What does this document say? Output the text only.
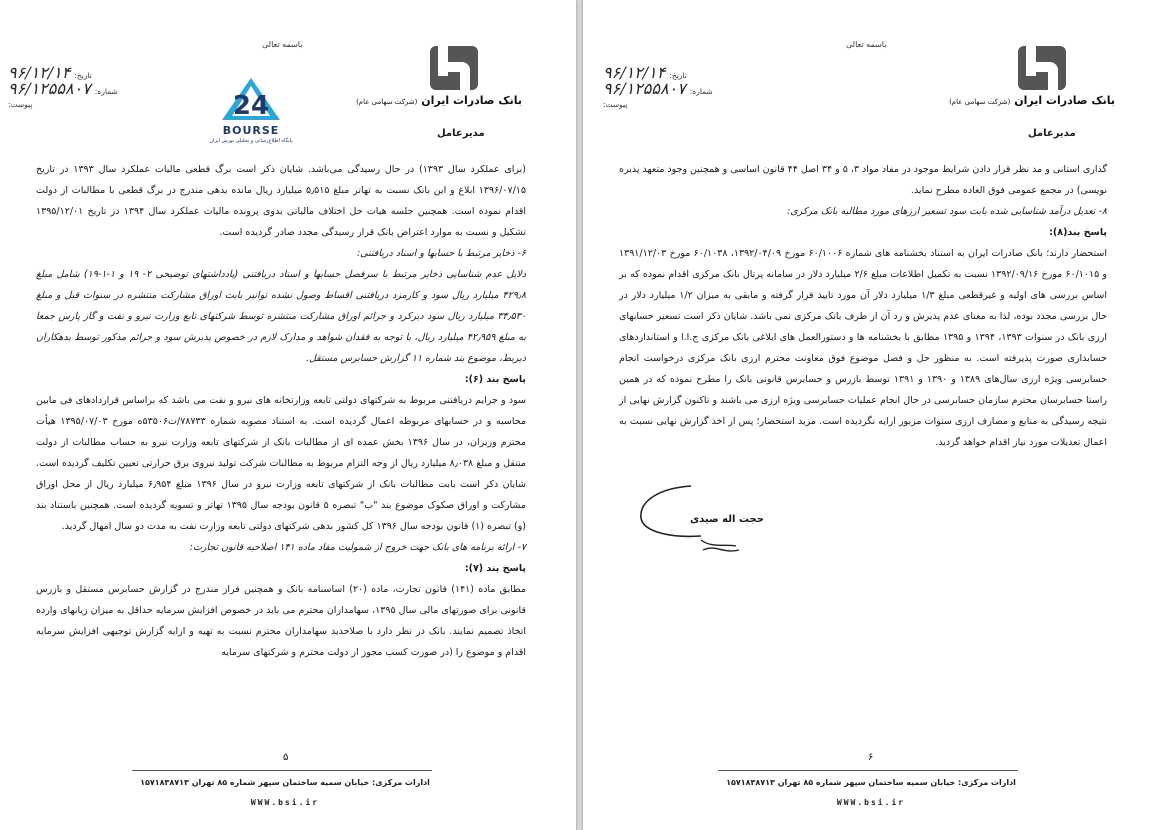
باسمه تعالی
تاریخ:
۹۶/۱۲/۱۴
شماره:
۹۶/۱۲۵۵۸۰۷
پیوست:	24
BOURSE
پایگاه اطلاع‌رسانی و تحلیلی بورس ایران
بانک صادرات ایران (شرکت سهامی عام)
مدیرعامل

(برای عملکرد سال ۱۳۹۳) در حال رسیدگی می‌باشد. شایان ذکر است برگ قطعی مالیات عملکرد سال ۱۳۹۳ در تاریخ ۱۳۹۶/۰۷/۱۵ ابلاغ و این بانک نسبت به تهاتر مبلغ ۵٫۵۱۵ میلیارد ریال مانده بدهی مندرج در برگ قطعی با مطالبات از دولت اقدام نموده است. همچنین جلسه هیات حل اختلاف مالیاتی بدوی پرونده مالیات عملکرد سال ۱۳۹۴ در تاریخ ۱۳۹۵/۱۲/۰۱ تشکیل و نسبت به موارد اعتراض بانک قرار رسیدگی مجدد صادر گردیده است.

۶- ذخایر مرتبط با حسابها و اسناد دریافتنی:

دلایل عدم شناسایی ذخایر مرتبط با سرفصل حسابها و اسناد دریافتنی (یادداشتهای توضیحی ۲- ۱۹ و ۱-۱-۱۹) شامل مبلغ ۴۲۹٫۸ میلیارد ریال سود و کارمزد دریافتنی اقساط وصول نشده توانیر بابت اوراق مشارکت منتشره در سنوات قبل و مبلغ ۳۴٫۵۳۰ میلیارد ریال سود دیرکرد و جرائم اوراق مشارکت منتشره توسط شرکتهای تابع وزارت نیرو و نفت و گاز پارس جمعا به مبلغ ۴۲٫۹۵۹ میلیارد ریال، با توجه به فقدان شواهد و مدارک لازم در خصوص پذیرش سود و جرائم مذکور توسط بدهکاران ذیربط، موضوع بند شماره ۱۱ گزارش حسابرس مستقل.

پاسخ بند (۶):

سود و جرایم دریافتنی مربوط به شرکتهای دولتی تابعه وزارتخانه های نیرو و نفت می باشد که براساس قراردادهای فی مابین محاسبه و در حسابهای مربوطه اعمال گردیده است. به استناد مصوبه شماره ۷۸۷۳۳/ت۵۳۵۰۶ه مورخ ۱۳۹۵/۰۷/۰۳ هیأت محترم وزیران، در سال ۱۳۹۶ بخش عمده ای از مطالبات بانک از شرکتهای تابعه وزارت نیرو به حساب مطالبات از دولت منتقل و مبلغ ۸٫۰۳۸ میلیارد ریال از وجه التزام مربوط به مطالبات شرکت تولید نیروی برق حرارتی تعیین تکلیف گردیده است. شایان ذکر است بابت مطالبات بانک از شرکتهای تابعه وزارت نیرو در سال ۱۳۹۶ مبلغ ۶٫۹۵۴ میلیارد ریال از محل اوراق مشارکت و اوراق صکوک موضوع بند "ب" تبصره ۵ قانون بودجه سال ۱۳۹۵ تهاتر و تسویه گردیده است. همچنین باستناد بند (و) تبصره (۱) قانون بودجه سال ۱۳۹۶ کل کشور بدهی شرکتهای دولتی تابعه وزارت نفت به مدت دو سال امهال گردید.

۷- ارائه برنامه های بانک جهت خروج از شمولیت مفاد ماده ۱۴۱ اصلاحیه قانون تجارت:

پاسخ بند (۷):

مطابق ماده (۱۴۱) قانون تجارت، ماده (۲۰) اساسنامه بانک و همچنین فراز مندرج در گزارش حسابرس مستقل و بازرس قانونی برای صورتهای مالی سال ۱۳۹۵، سهامداران محترم می باید در خصوص افزایش سرمایه حداقل به میزان زیانهای وارده اتخاذ تصمیم نمایند. بانک در نظر دارد با صلاحدید سهامداران محترم نسبت به تهیه و ارایه گزارش توجیهی افزایش سرمایه اقدام و موضوع را (در صورت کسب مجوز از دولت محترم و شرکتهای سرمایه

۵
ادارات مرکزی: خیابان سمیه ساختمان سپهر شماره ۸۵ تهران ۱۵۷۱۸۳۸۷۱۳
WWW.bsi.ir
باسمه تعالی
تاریخ:
۹۶/۱۲/۱۴
شماره:
۹۶/۱۲۵۵۸۰۷
پیوست:	بانک صادرات ایران (شرکت سهامی عام)
مدیرعامل

گذاری استانی و مد نظر قرار دادن شرایط موجود در مفاد مواد ۳، ۵ و ۳۴ اصل ۴۴ قانون اساسی و همچنین وجود متعهد پذیره نویسی) در مجمع عمومی فوق العاده مطرح نماید.

۸- تعدیل درآمد شناسایی شده بابت سود تسعیر ارزهای مورد مطالبه بانک مرکزی:

پاسخ بند(۸):

استحضار دارند؛ بانک صادرات ایران به استناد بخشنامه های شماره ۶۰/۱۰۰۶ مورخ ۱۳۹۲/۰۴/۰۹، ۶۰/۱۰۳۸ مورخ ۱۳۹۱/۱۲/۰۳ و ۶۰/۱۰۱۵ مورخ ۱۳۹۲/۰۹/۱۶ نسبت به تکمیل اطلاعات مبلغ ۲/۶ میلیارد دلار در سامانه پرتال بانک مرکزی اقدام نموده که بر اساس بررسی های اولیه و غیرقطعی مبلغ ۱/۳ میلیارد دلار آن مورد تایید قرار گرفته و مابقی به میزان ۱/۲ میلیارد دلار در حال بررسی مجدد بوده، لذا به معنای عدم پذیرش و رد آن از طرف بانک مرکزی نمی باشد. شایان ذکر است تسعیر حسابهای ارزی بانک در سنوات ۱۳۹۳، ۱۳۹۴ و ۱۳۹۵ مطابق با بخشنامه ها و دستورالعمل های ابلاغی بانک مرکزی ج.ا.ا و استانداردهای حسابداری صورت پذیرفته است. به منظور حل و فصل موضوع فوق معاونت محترم ارزی بانک مرکزی درخواست انجام حسابرسی ویژه ارزی سال‌های ۱۳۸۹ و ۱۳۹۰ و ۱۳۹۱ توسط بازرس و حسابرس قانونی بانک را مطرح نموده که در همین راستا حسابرسان محترم سازمان حسابرسی در حال انجام عملیات حسابرسی ویژه ارزی می باشند و تاکنون گزارش نهایی از نتیجه رسیدگی به منابع و مصارف ارزی سنوات مزبور ارایه نگردیده است. مزید استحضار؛ پس از اخذ گزارش نهایی نسبت به اعمال تعدیلات مورد نیاز اقدام خواهد گردید.

حجت اله صیدی
۶
ادارات مرکزی: خیابان سمیه ساختمان سپهر شماره ۸۵ تهران ۱۵۷۱۸۳۸۷۱۳
WWW.bsi.ir
